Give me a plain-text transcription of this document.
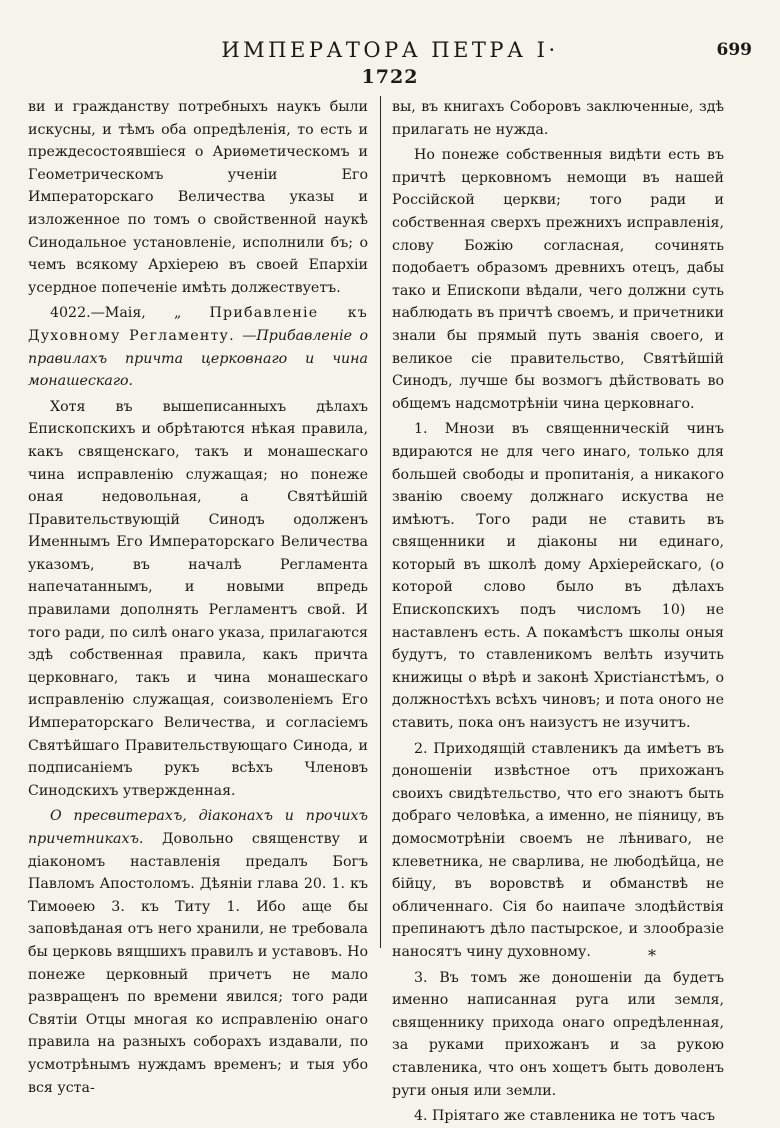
ИМПЕРАТОРА ПЕТРА I·	699
1722

ви и гражданству потребныхъ наукъ были искусны, и тѣмъ оба опредѣленія, то есть и преждесостоявшіеся о Ариѳметическомъ и Геометрическомъ ученіи Его Императорскаго Величества указы и изложенное по томъ о свойственной наукѣ Синодальное установленіе, исполнили бъ; о чемъ всякому Архіерею въ своей Епархіи усердное попеченіе имѣть должествуетъ.

4022.—Маія, „ Прибавленіе къ Духовному Регламенту. —Прибавленіе о правилахъ причта церковнаго и чина монашескаго.

Хотя въ вышеписанныхъ дѣлахъ Епископскихъ и обрѣтаются нѣкая правила, какъ священскаго, такъ и монашескаго чина исправленію служащая; но понеже оная недовольная, а Святѣйшій Правительствующій Синодъ одолженъ Именнымъ Его Императорскаго Величества указомъ, въ началѣ Регламента напечатаннымъ, и новыми впредь правилами дополнять Регламентъ свой. И того ради, по силѣ онаго указа, прилагаются здѣ собственная правила, какъ причта церковнаго, такъ и чина монашескаго исправленію служащая, соизволеніемъ Его Императорскаго Величества, и согласіемъ Святѣйшаго Правительствующаго Синода, и подписаніемъ рукъ всѣхъ Членовъ Синодскихъ утвержденная.

О пресвитерахъ, діаконахъ и прочихъ причетникахъ. Довольно священству и діакономъ наставленія предалъ Богъ Павломъ Апостоломъ. Дѣяніи глава 20. 1. къ Тимоѳею 3. къ Титу 1. Ибо аще бы заповѣданая отъ него хранили, не требовала бы церковь вящшихъ правилъ и уставовъ. Но понеже церковный причетъ не мало развращенъ по времени явился; того ради Святіи Отцы многая ко исправленію онаго правила на разныхъ соборахъ издавали, по усмотрѣнымъ нуждамъ временъ; и тыя убо вся уста-

вы, въ книгахъ Соборовъ заключенные, здѣ прилагать не нужда.

Но понеже собственныя видѣти есть въ причтѣ церковномъ немощи въ нашей Россійской церкви; того ради и собственная сверхъ прежнихъ исправленія, слову Божію согласная, сочинять подобаетъ образомъ древнихъ отецъ, дабы тако и Епископи вѣдали, чего должни суть наблюдать въ причтѣ своемъ, и причетники знали бы прямый путь званія своего, и великое сіе правительство, Святѣйшій Синодъ, лучше бы возмогъ дѣйствовать во общемъ надсмотрѣніи чина церковнаго.

1. Мнози въ священническій чинъ вдираются не для чего инаго, только для большей свободы и пропитанія, а никакого званію своему должнаго искуства не имѣютъ. Того ради не ставить въ священники и діаконы ни единаго, который въ школѣ дому Архіерейскаго, (о которой слово было въ дѣлахъ Епископскихъ подъ числомъ 10) не наставленъ есть. А покамѣстъ школы оныя будутъ, то ставленикомъ велѣть изучить книжицы о вѣрѣ и законѣ Христіанстѣмъ, о должностѣхъ всѣхъ чиновъ; и пота оного не ставить, пока онъ наизустъ не изучитъ.

2. Приходящій ставленикъ да имѣетъ въ доношеніи извѣстное отъ прихожанъ своихъ свидѣтельство, что его знаютъ быть добраго человѣка, а именно, не піяницу, въ домосмотрѣніи своемъ не лѣниваго, не клеветника, не сварлива, не любодѣйца, не бійцу, въ воровствѣ и обманствѣ не обличеннаго. Сія бо наипаче злодѣйствія препинаютъ дѣло пастырское, и злообразіе наносятъ чину духовному.

3. Въ томъ же доношеніи да будетъ именно написанная руга или земля, священнику прихода онаго опредѣленная, за руками прихожанъ и за рукою ставленика, что онъ хощетъ быть доволенъ руги оныя или земли.

4. Пріятаго же ставленика не тотъ часъ

*
